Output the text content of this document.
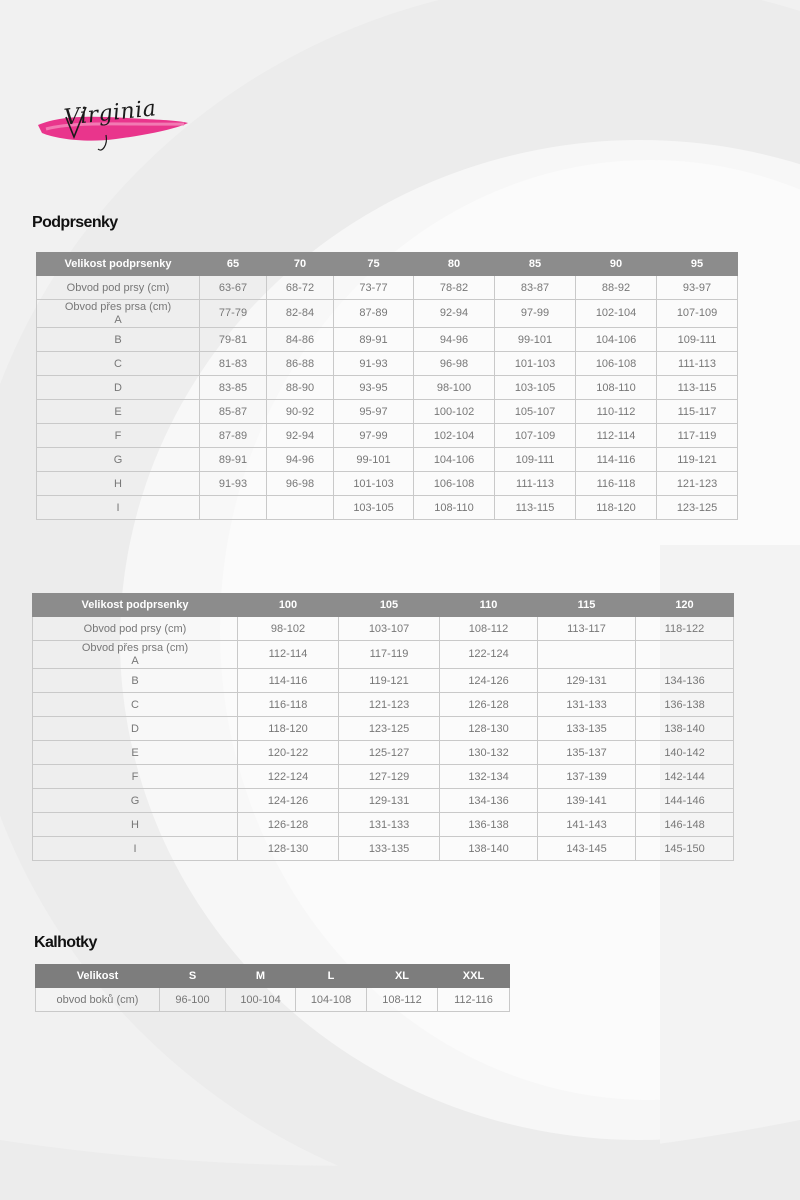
Virginia
Podprsenky
Velikost podprsenky	65	70	75	80	85	90	95
Obvod pod prsy (cm)	63-67	68-72	73-77	78-82	83-87	88-92	93-97

Obvod přes prsa (cm)
A	77-79	82-84	87-89	92-94	97-99	102-104	107-109
B	79-81	84-86	89-91	94-96	99-101	104-106	109-111
C	81-83	86-88	91-93	96-98	101-103	106-108	111-113
D	83-85	88-90	93-95	98-100	103-105	108-110	113-115
E	85-87	90-92	95-97	100-102	105-107	110-112	115-117
F	87-89	92-94	97-99	102-104	107-109	112-114	117-119
G	89-91	94-96	99-101	104-106	109-111	114-116	119-121
H	91-93	96-98	101-103	106-108	111-113	116-118	121-123
I			103-105	108-110	113-115	118-120	123-125
Velikost podprsenky	100	105	110	115	120
Obvod pod prsy (cm)	98-102	103-107	108-112	113-117	118-122

Obvod přes prsa (cm)
A	112-114	117-119	122-124		
B	114-116	119-121	124-126	129-131	134-136
C	116-118	121-123	126-128	131-133	136-138
D	118-120	123-125	128-130	133-135	138-140
E	120-122	125-127	130-132	135-137	140-142
F	122-124	127-129	132-134	137-139	142-144
G	124-126	129-131	134-136	139-141	144-146
H	126-128	131-133	136-138	141-143	146-148
I	128-130	133-135	138-140	143-145	145-150
Kalhotky
Velikost	S	M	L	XL	XXL
obvod boků (cm)	96-100	100-104	104-108	108-112	112-116
